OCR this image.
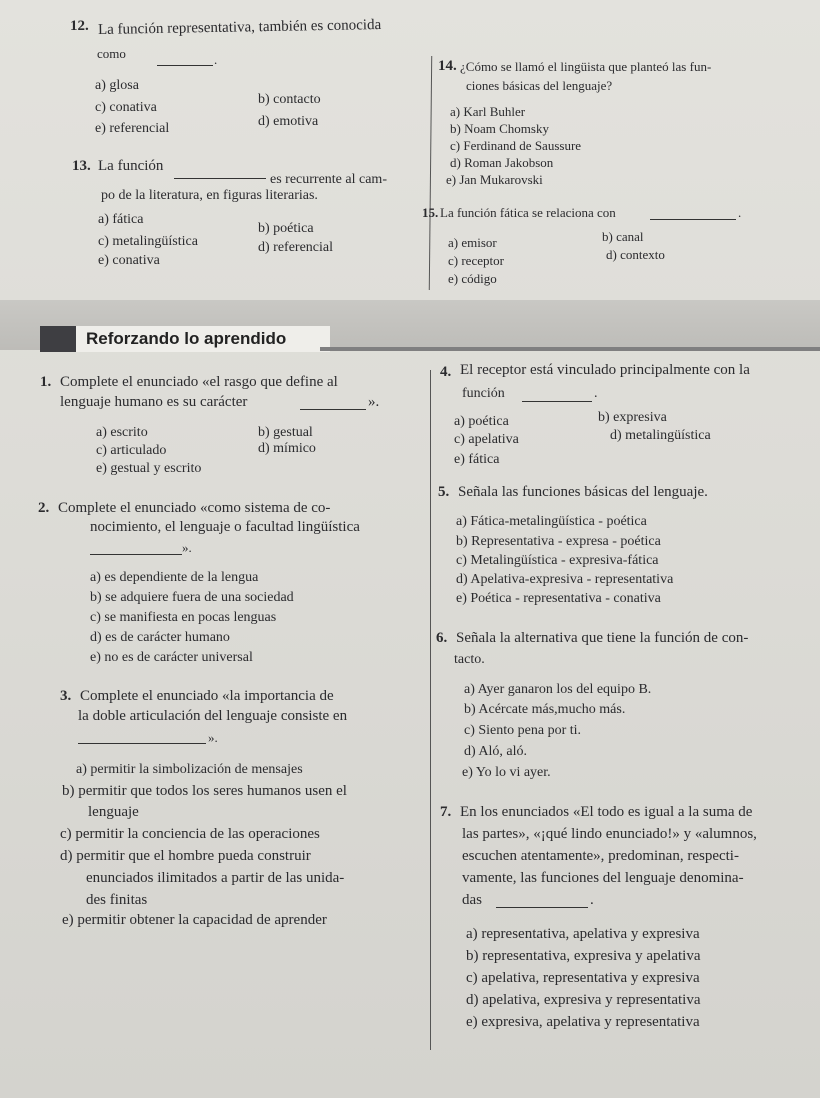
12. La función representativa, también es conocida
como	.
a) glosa
b) contacto
c) conativa
d) emotiva
e) referencial
13. La función
es recurrente al cam-
po de la literatura, en figuras literarias.
a) fática
b) poética
c) metalingüística	d) referencial
e) conativa
14. ¿Cómo se llamó el lingüista que planteó las fun-
ciones básicas del lenguaje?
a) Karl Buhler
b) Noam Chomsky
c) Ferdinand de Saussure
d) Roman Jakobson
e) Jan Mukarovski
15. La función fática se relaciona con	.
a) emisor	b) canal
c) receptor	d) contexto
e) código
Reforzando lo aprendido
1. Complete el enunciado «el rasgo que define al
lenguaje humano es su carácter	».
a) escrito	b) gestual
c) articulado	d) mímico
e) gestual y escrito
2. Complete el enunciado «como sistema de co-
nocimiento, el lenguaje o facultad lingüística
».
a) es dependiente de la lengua
b) se adquiere fuera de una sociedad
c) se manifiesta en pocas lenguas
d) es de carácter humano
e) no es de carácter universal
3. Complete el enunciado «la importancia de
la doble articulación del lenguaje consiste en
».
a) permitir la simbolización de mensajes
b) permitir que todos los seres humanos usen el
lenguaje
c) permitir la conciencia de las operaciones
d) permitir que el hombre pueda construir
enunciados ilimitados a partir de las unida-
des finitas
e) permitir obtener la capacidad de aprender
4. El receptor está vinculado principalmente con la
función	.
a) poética	b) expresiva
c) apelativa	d) metalingüística
e) fática
5. Señala las funciones básicas del lenguaje.
a) Fática-metalingüística - poética
b) Representativa - expresa - poética
c) Metalingüística - expresiva-fática
d) Apelativa-expresiva - representativa
e) Poética - representativa - conativa
6. Señala la alternativa que tiene la función de con-
tacto.
a) Ayer ganaron los del equipo B.
b) Acércate más,mucho más.
c) Siento pena por ti.
d) Aló, aló.
e) Yo lo vi ayer.
7. En los enunciados «El todo es igual a la suma de
las partes», «¡qué lindo enunciado!» y «alumnos,
escuchen atentamente», predominan, respecti-
vamente, las funciones del lenguaje denomina-
das	.
a) representativa, apelativa y expresiva
b) representativa, expresiva y apelativa
c) apelativa, representativa y expresiva
d) apelativa, expresiva y representativa
e) expresiva, apelativa y representativa
